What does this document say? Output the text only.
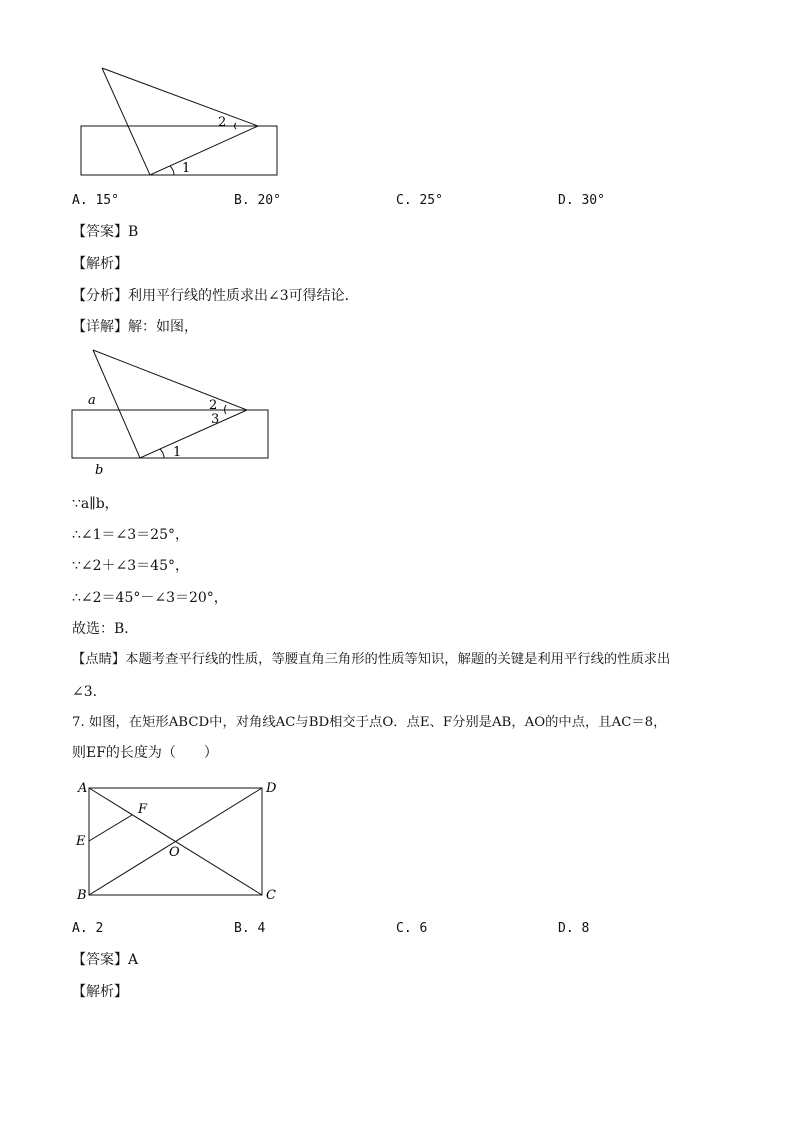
2
1
A. 15°	B. 20°	C. 25°	D. 30°
【答案】B
【解析】
【分析】利用平行线的性质求出∠3可得结论．
【详解】解：如图，
a
b
2
3
1
∵a∥b，
∴∠1＝∠3＝25°，
∵∠2＋∠3＝45°，
∴∠2＝45°－∠3＝20°，
故选：B．
【点睛】本题考查平行线的性质，等腰直角三角形的性质等知识，解题的关键是利用平行线的性质求出
∠3．
7. 如图，在矩形ABCD中，对角线AC与BD相交于点O．点E、F分别是AB，AO的中点，且AC＝8，
则EF的长度为（　　）
A	D
F
E
O
B	C
A. 2	B. 4	C. 6	D. 8
【答案】A
【解析】
